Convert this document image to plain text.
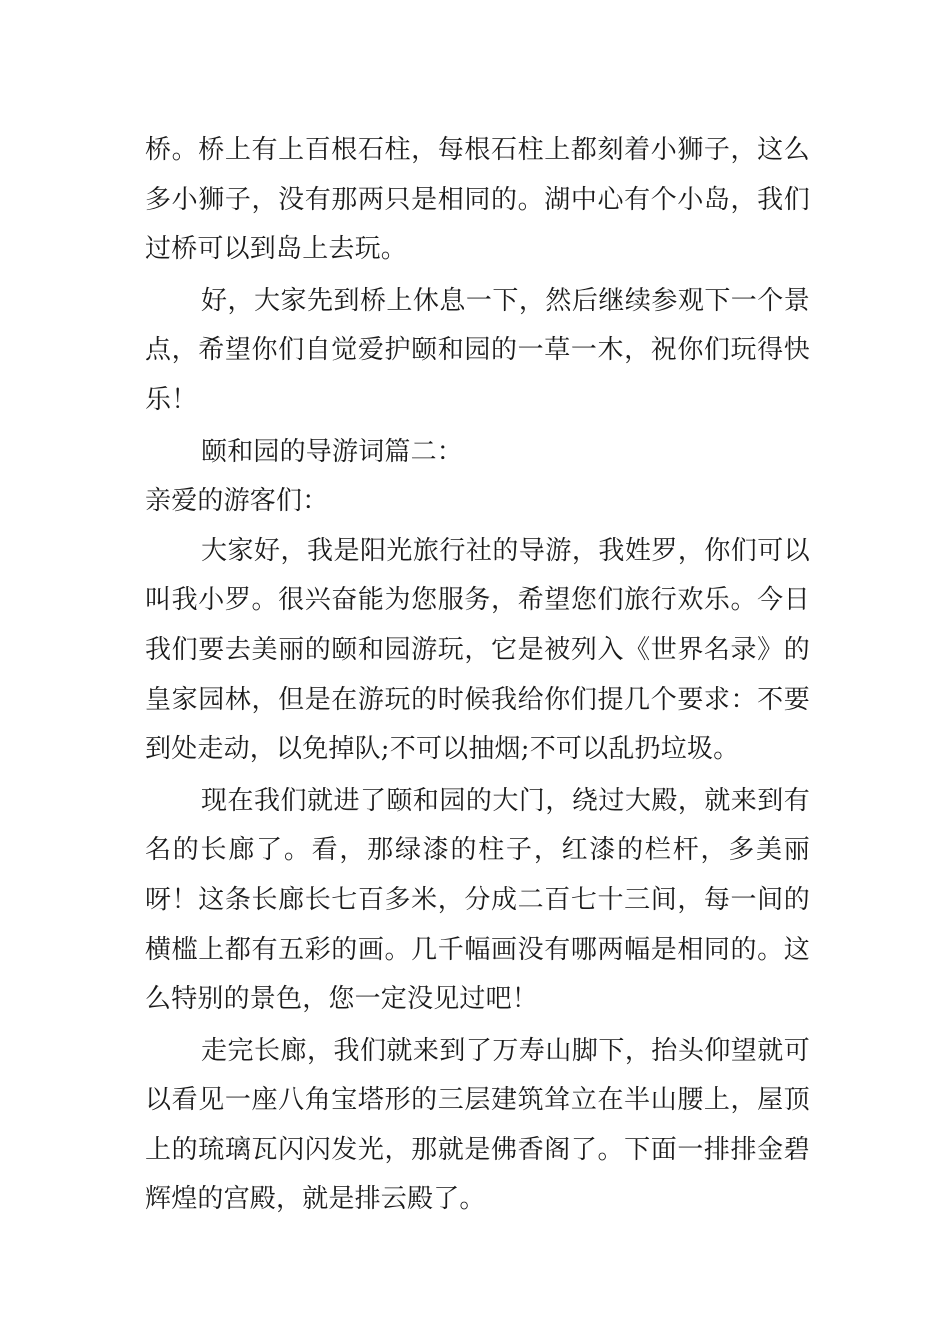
桥。桥上有上百根石柱，每根石柱上都刻着小狮子，这么多小狮子，没有那两只是相同的。湖中心有个小岛，我们过桥可以到岛上去玩。

好，大家先到桥上休息一下，然后继续参观下一个景点，希望你们自觉爱护颐和园的一草一木，祝你们玩得快乐！

颐和园的导游词篇二：

亲爱的游客们：

大家好，我是阳光旅行社的导游，我姓罗，你们可以叫我小罗。很兴奋能为您服务，希望您们旅行欢乐。今日我们要去美丽的颐和园游玩，它是被列入《世界名录》的皇家园林，但是在游玩的时候我给你们提几个要求：不要到处走动，以免掉队;不可以抽烟;不可以乱扔垃圾。

现在我们就进了颐和园的大门，绕过大殿，就来到有名的长廊了。看，那绿漆的柱子，红漆的栏杆，多美丽呀！这条长廊长七百多米，分成二百七十三间，每一间的横槛上都有五彩的画。几千幅画没有哪两幅是相同的。这么特别的景色，您一定没见过吧！

走完长廊，我们就来到了万寿山脚下，抬头仰望就可以看见一座八角宝塔形的三层建筑耸立在半山腰上，屋顶上的琉璃瓦闪闪发光，那就是佛香阁了。下面一排排金碧辉煌的宫殿，就是排云殿了。
